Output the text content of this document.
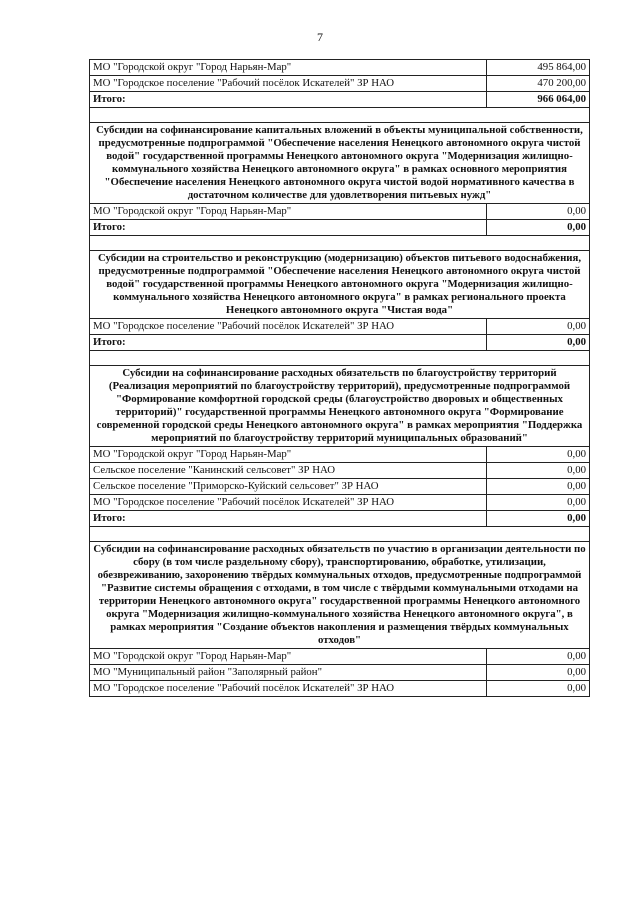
7
МО "Городской округ "Город Нарьян-Мар"	495 864,00
МО "Городское поселение "Рабочий посёлок Искателей" ЗР НАО	470 200,00
Итого:	966 064,00

Субсидии на софинансирование капитальных вложений в объекты муниципальной собственности, предусмотренные подпрограммой "Обеспечение населения Ненецкого автономного округа чистой водой" государственной программы Ненецкого автономного округа "Модернизация жилищно-коммунального хозяйства Ненецкого автономного округа" в рамках основного мероприятия "Обеспечение населения Ненецкого автономного округа чистой водой нормативного качества в достаточном количестве для удовлетворения питьевых нужд"	
МО "Городской округ "Город Нарьян-Мар"	0,00
Итого:	0,00

Субсидии на строительство и реконструкцию (модернизацию) объектов питьевого водоснабжения, предусмотренные подпрограммой "Обеспечение населения Ненецкого автономного округа чистой водой" государственной программы Ненецкого автономного округа "Модернизация жилищно-коммунального хозяйства Ненецкого автономного округа" в рамках регионального проекта Ненецкого автономного округа "Чистая вода"	
МО "Городское поселение "Рабочий посёлок Искателей" ЗР НАО	0,00
Итого:	0,00

Субсидии на софинансирование расходных обязательств по благоустройству территорий (Реализация мероприятий по благоустройству территорий), предусмотренные подпрограммой "Формирование комфортной городской среды (благоустройство дворовых и общественных территорий)" государственной программы Ненецкого автономного округа "Формирование современной городской среды Ненецкого автономного округа" в рамках мероприятия "Поддержка мероприятий по благоустройству территорий муниципальных образований"	
МО "Городской округ "Город Нарьян-Мар"	0,00
Сельское поселение "Канинский сельсовет" ЗР НАО	0,00
Сельское поселение "Приморско-Куйский сельсовет" ЗР НАО	0,00
МО "Городское поселение "Рабочий посёлок Искателей" ЗР НАО	0,00
Итого:	0,00

Субсидии на софинансирование расходных обязательств по участию в организации деятельности по сбору (в том числе раздельному сбору), транспортированию, обработке, утилизации, обезвреживанию, захоронению твёрдых коммунальных отходов, предусмотренные подпрограммой "Развитие системы обращения с отходами, в том числе с твёрдыми коммунальными отходами на территории Ненецкого автономного округа" государственной программы Ненецкого автономного округа "Модернизация жилищно-коммунального хозяйства Ненецкого автономного округа", в рамках мероприятия "Создание объектов накопления и размещения твёрдых коммунальных отходов"	
МО "Городской округ "Город Нарьян-Мар"	0,00
МО "Муниципальный район "Заполярный район"	0,00
МО "Городское поселение "Рабочий посёлок Искателей" ЗР НАО	0,00
